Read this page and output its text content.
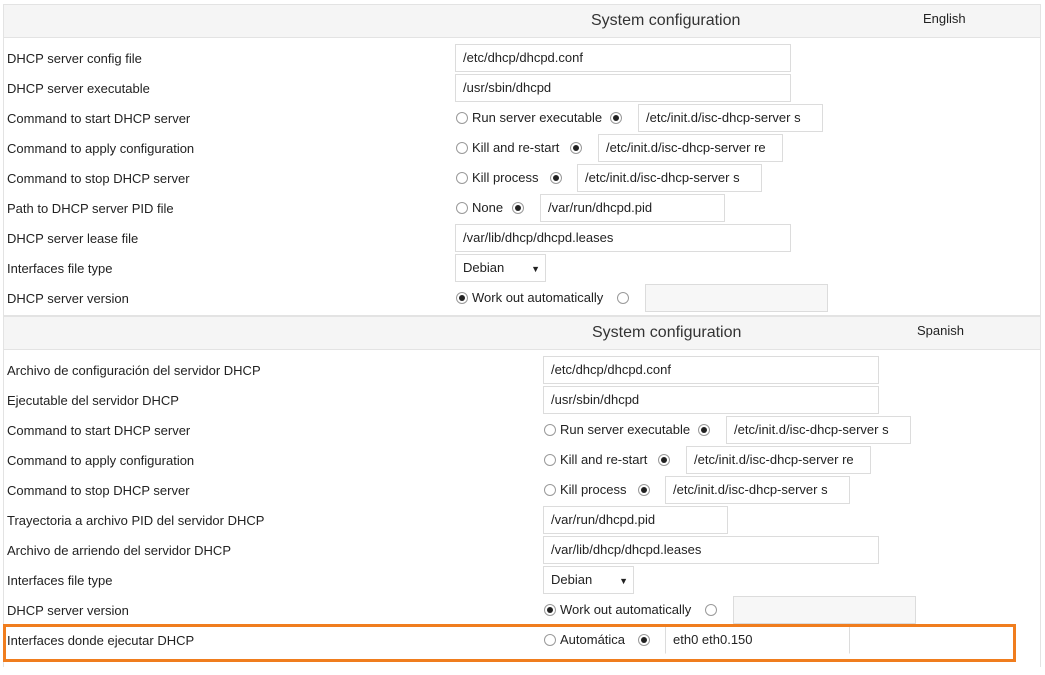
System configuration	English
DHCP server config file	/etc/dhcp/dhcpd.conf
DHCP server executable	/usr/sbin/dhcpd
Command to start DHCP server	Run server executable	/etc/init.d/isc-dhcp-server s
Command to apply configuration	Kill and re-start	/etc/init.d/isc-dhcp-server re
Command to stop DHCP server	Kill process	/etc/init.d/isc-dhcp-server s
Path to DHCP server PID file	None	/var/run/dhcpd.pid
DHCP server lease file	/var/lib/dhcp/dhcpd.leases
Interfaces file type	Debian	▼
DHCP server version	Work out automatically
System configuration	Spanish
Archivo de configuración del servidor DHCP	/etc/dhcp/dhcpd.conf
Ejecutable del servidor DHCP	/usr/sbin/dhcpd
Command to start DHCP server	Run server executable	/etc/init.d/isc-dhcp-server s
Command to apply configuration	Kill and re-start	/etc/init.d/isc-dhcp-server re
Command to stop DHCP server	Kill process	/etc/init.d/isc-dhcp-server s
Trayectoria a archivo PID del servidor DHCP	/var/run/dhcpd.pid
Archivo de arriendo del servidor DHCP	/var/lib/dhcp/dhcpd.leases
Interfaces file type	Debian	▼
DHCP server version	Work out automatically
Interfaces donde ejecutar DHCP	Automática	eth0 eth0.150
